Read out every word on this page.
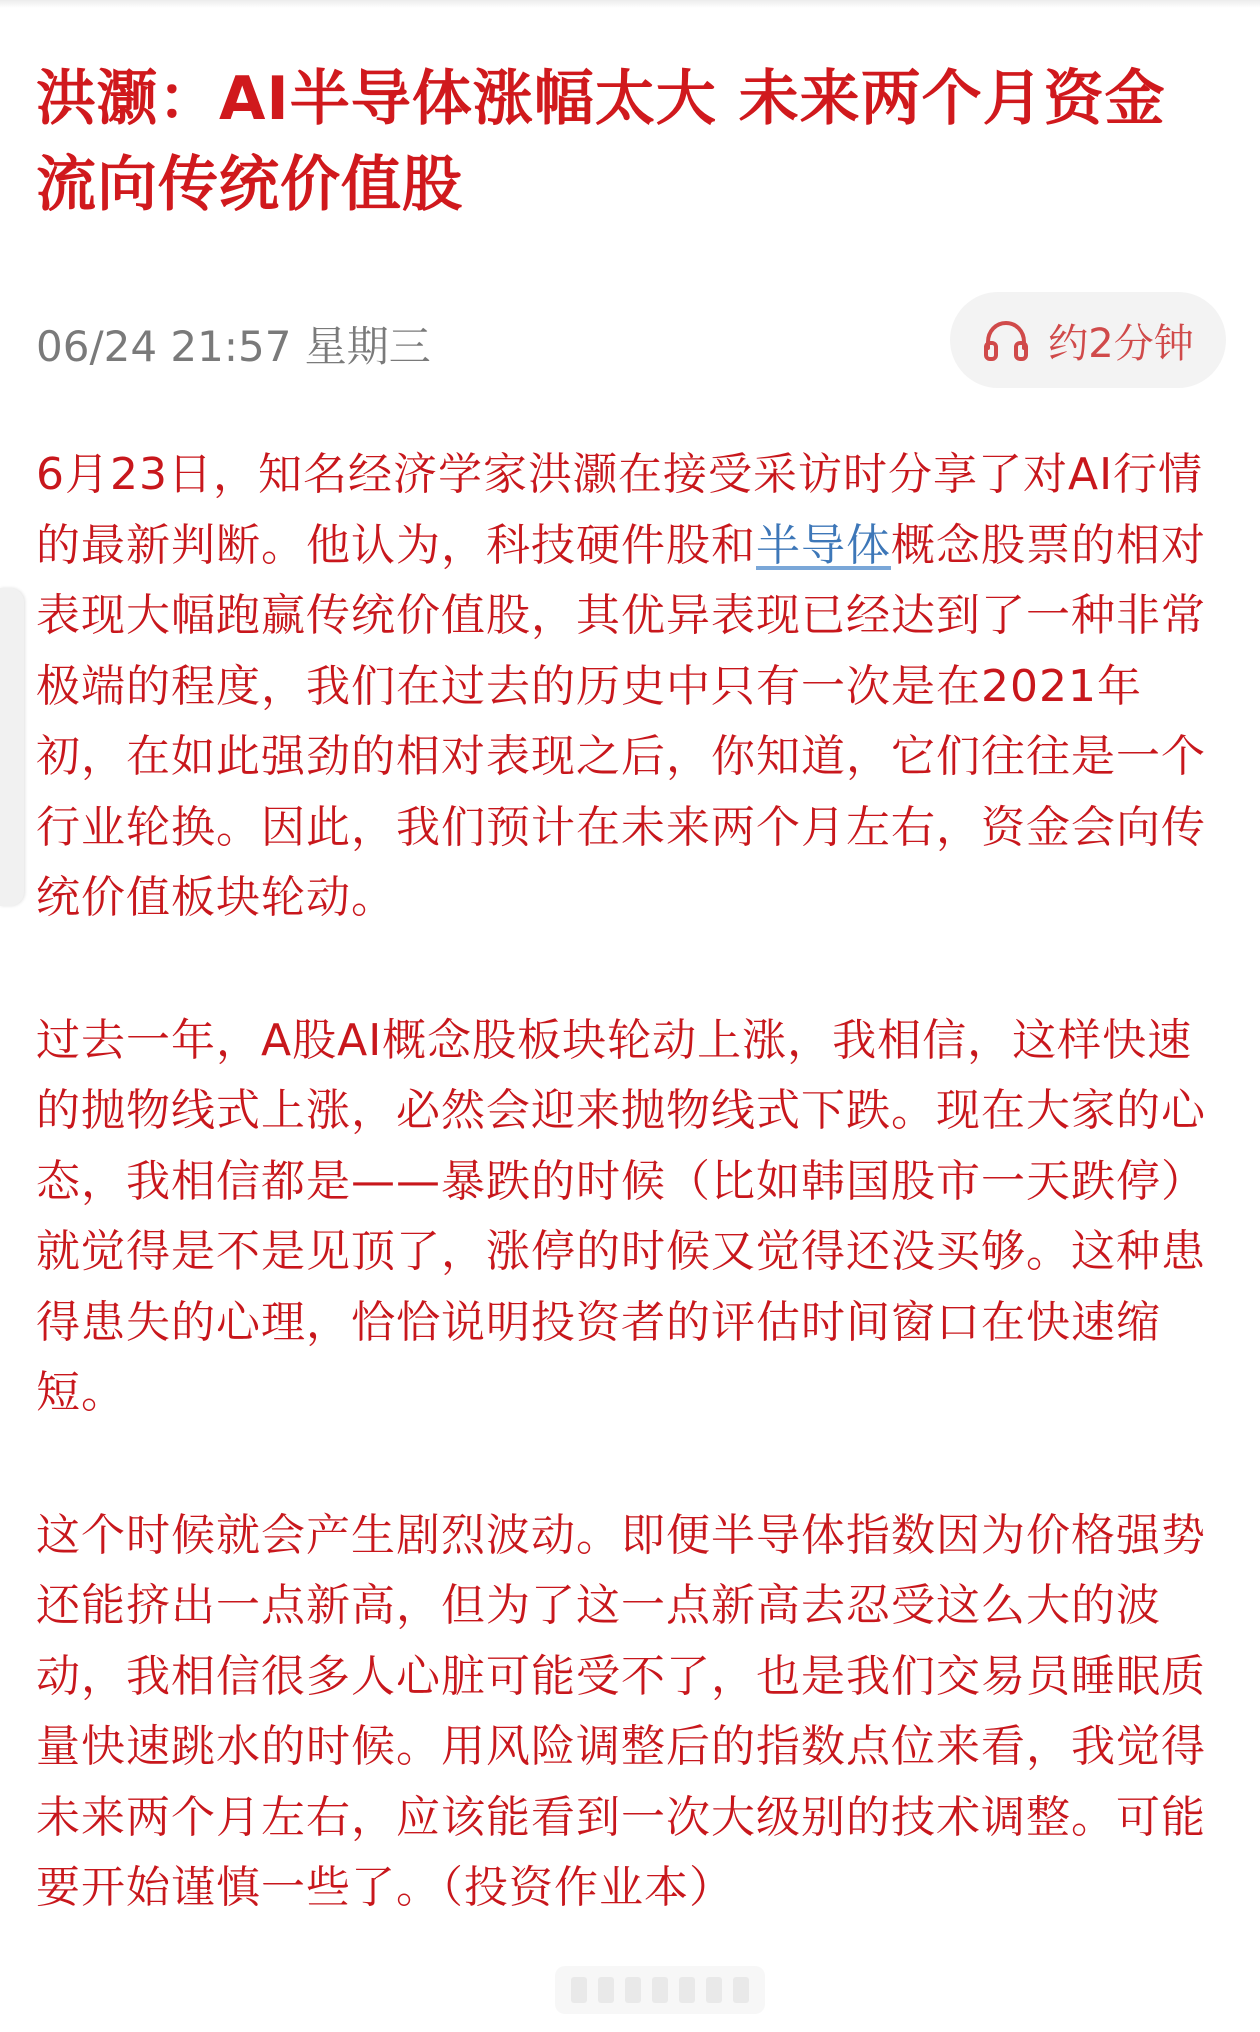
洪灏：AI半导体涨幅太大 未来两个月资金流向传统价值股
06/24 21:57 星期三	约2分钟

6月23日，知名经济学家洪灏在接受采访时分享了对AI行情的最新判断。他认为，科技硬件股和半导体概念股票的相对表现大幅跑赢传统价值股，其优异表现已经达到了一种非常极端的程度，我们在过去的历史中只有一次是在2021年初，在如此强劲的相对表现之后，你知道，它们往往是一个行业轮换。因此，我们预计在未来两个月左右，资金会向传统价值板块轮动。

过去一年，A股AI概念股板块轮动上涨，我相信，这样快速的抛物线式上涨，必然会迎来抛物线式下跌。现在大家的心态，我相信都是——暴跌的时候（比如韩国股市一天跌停）就觉得是不是见顶了，涨停的时候又觉得还没买够。这种患得患失的心理，恰恰说明投资者的评估时间窗口在快速缩短。

这个时候就会产生剧烈波动。即便半导体指数因为价格强势还能挤出一点新高，但为了这一点新高去忍受这么大的波动，我相信很多人心脏可能受不了，也是我们交易员睡眠质量快速跳水的时候。用风险调整后的指数点位来看，我觉得未来两个月左右，应该能看到一次大级别的技术调整。可能要开始谨慎一些了。（投资作业本）
